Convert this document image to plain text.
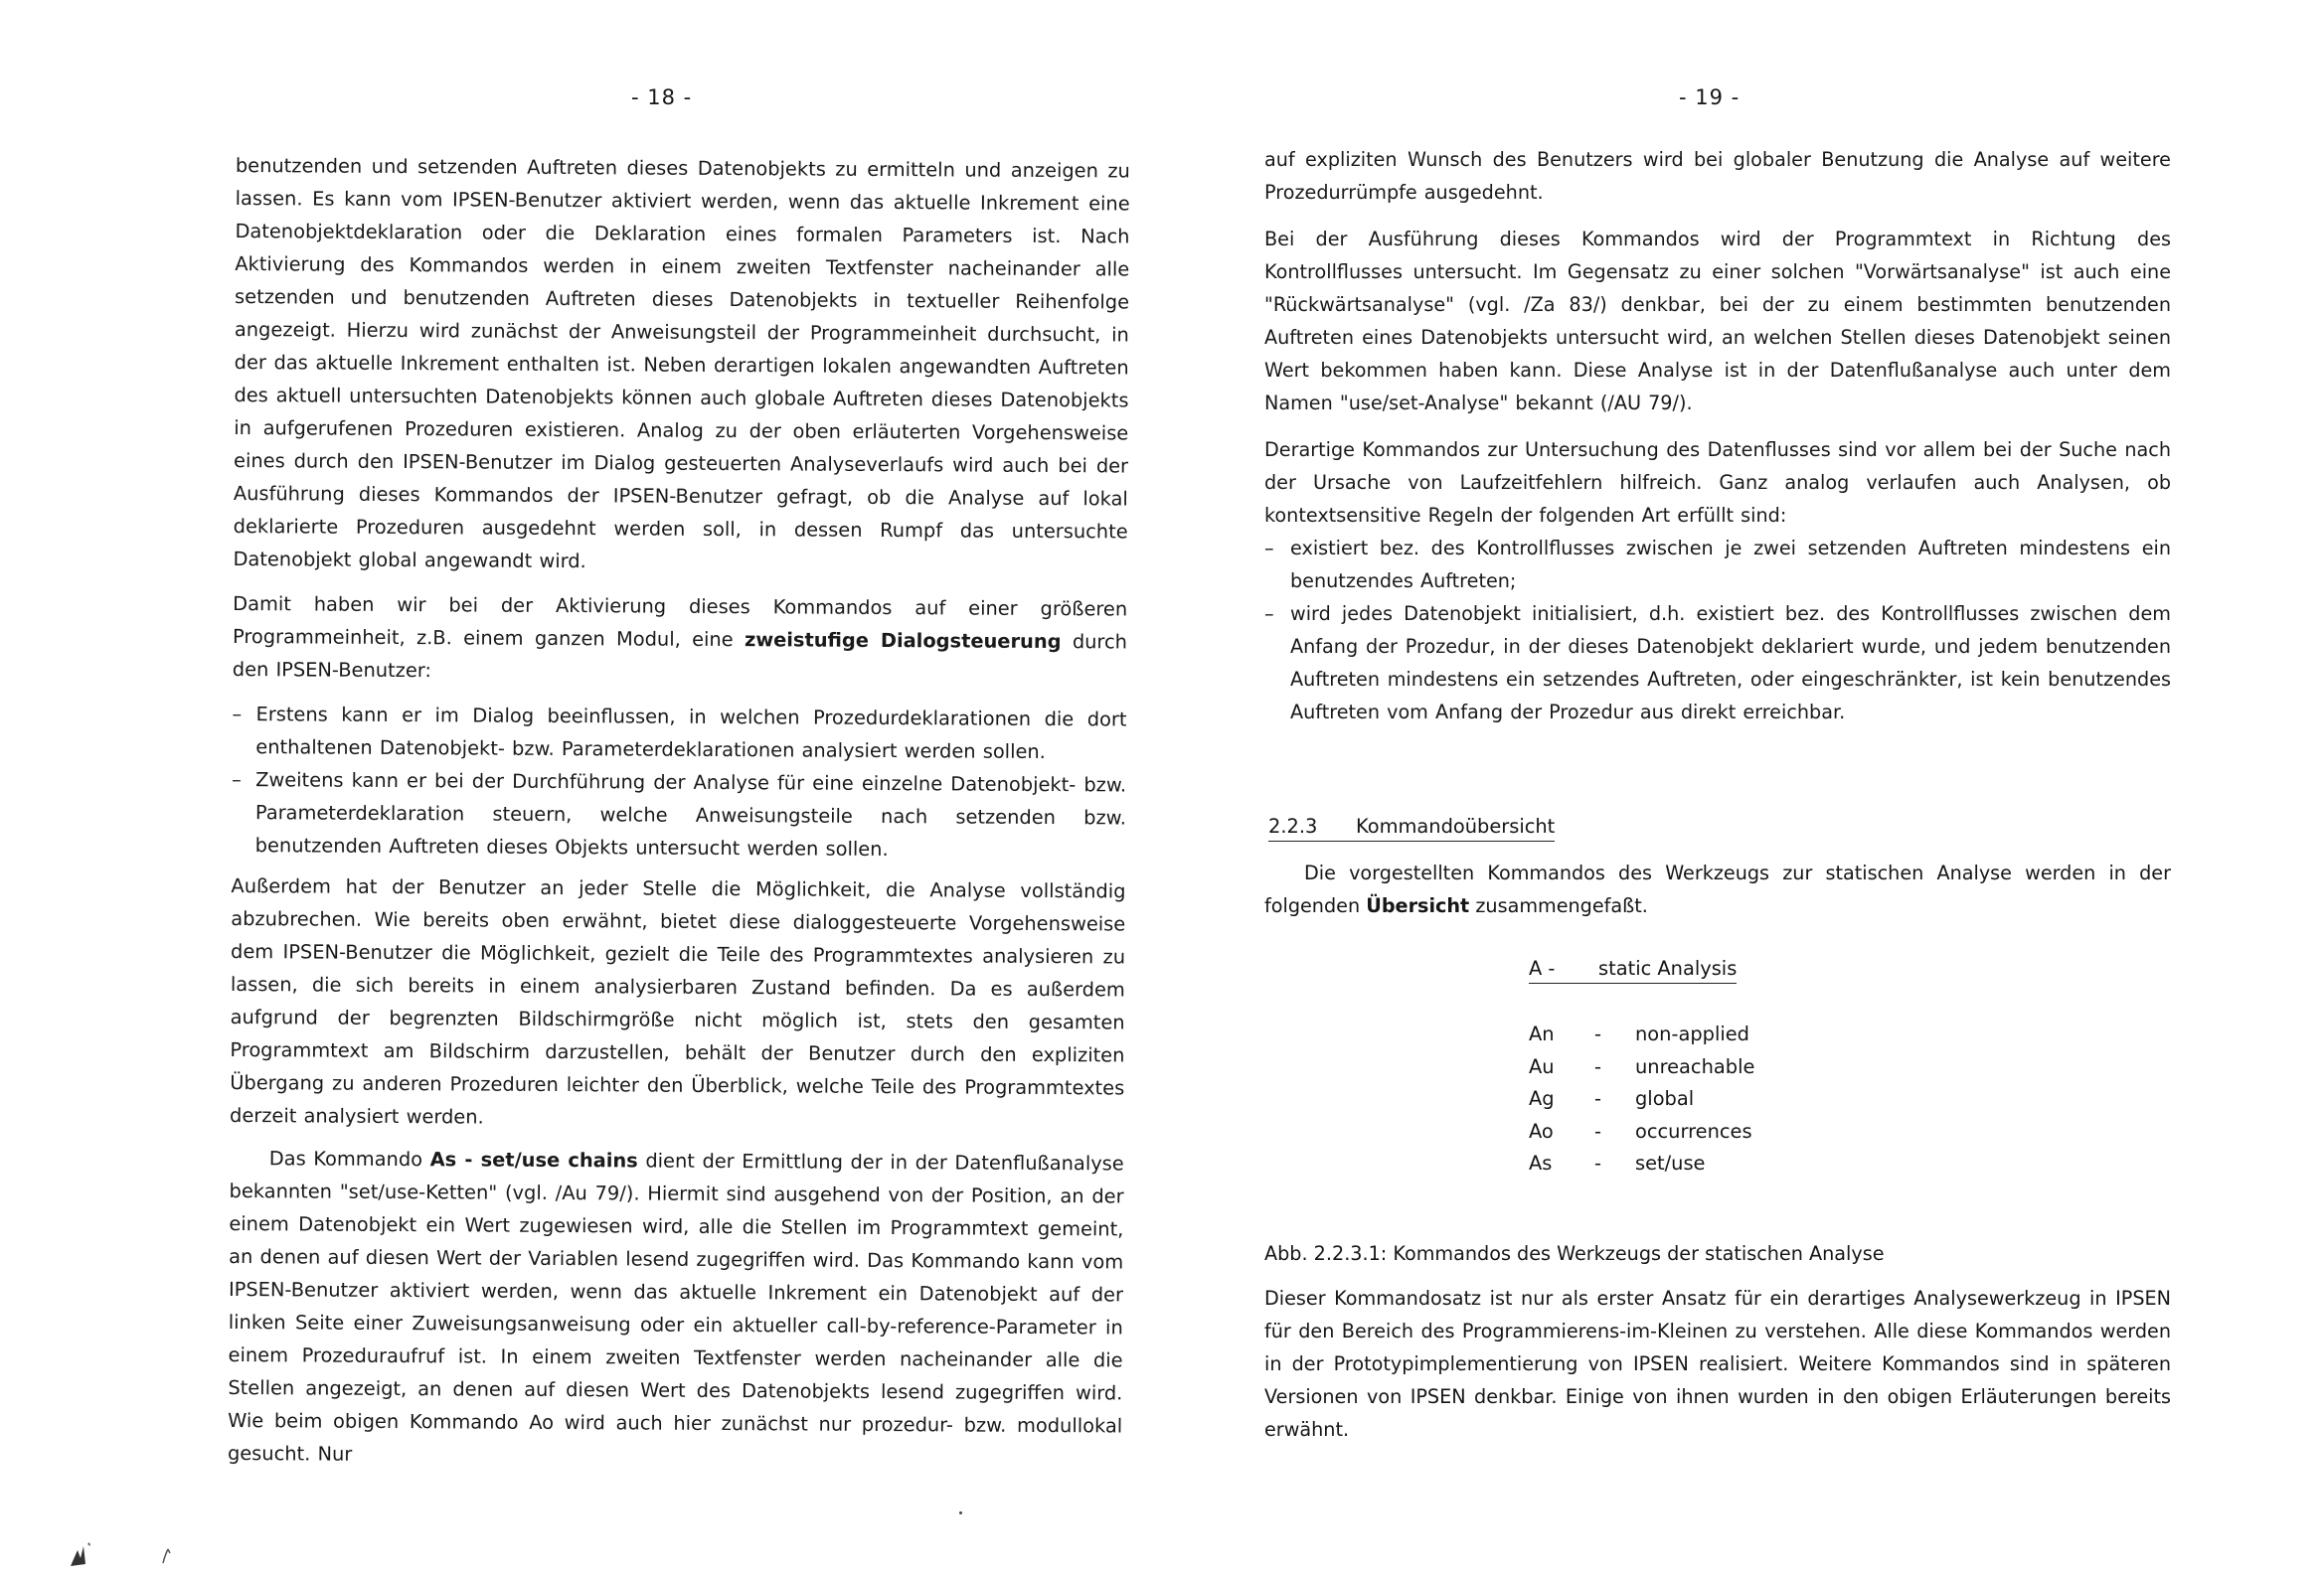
- 18 -

benutzenden und setzenden Auftreten dieses Datenobjekts zu ermitteln und anzeigen zu lassen. Es kann vom IPSEN-Benutzer aktiviert werden, wenn das aktuelle Inkrement eine Datenobjektdeklaration oder die Deklaration eines formalen Parameters ist. Nach Aktivierung des Kommandos werden in einem zweiten Textfenster nacheinander alle setzenden und benutzenden Auftreten dieses Datenobjekts in textueller Reihenfolge angezeigt. Hierzu wird zunächst der Anweisungsteil der Programmeinheit durchsucht, in der das aktuelle Inkrement enthalten ist. Neben derartigen lokalen angewandten Auftreten des aktuell untersuchten Datenobjekts können auch globale Auftreten dieses Datenobjekts in aufgerufenen Prozeduren existieren. Analog zu der oben erläuterten Vorgehensweise eines durch den IPSEN-Benutzer im Dialog gesteuerten Analyseverlaufs wird auch bei der Ausführung dieses Kommandos der IPSEN-Benutzer gefragt, ob die Analyse auf lokal deklarierte Prozeduren ausgedehnt werden soll, in dessen Rumpf das untersuchte Datenobjekt global angewandt wird.

Damit haben wir bei der Aktivierung dieses Kommandos auf einer größeren Programmeinheit, z.B. einem ganzen Modul, eine zweistufige Dialogsteuerung durch den IPSEN-Benutzer:

– Erstens kann er im Dialog beeinflussen, in welchen Prozedurdeklarationen die dort enthaltenen Datenobjekt- bzw. Parameterdeklarationen analysiert werden sollen.
– Zweitens kann er bei der Durchführung der Analyse für eine einzelne Datenobjekt- bzw. Parameterdeklaration steuern, welche Anweisungsteile nach setzenden bzw. benutzenden Auftreten dieses Objekts untersucht werden sollen.

Außerdem hat der Benutzer an jeder Stelle die Möglichkeit, die Analyse vollständig abzubrechen. Wie bereits oben erwähnt, bietet diese dialoggesteuerte Vorgehensweise dem IPSEN-Benutzer die Möglichkeit, gezielt die Teile des Programmtextes analysieren zu lassen, die sich bereits in einem analysierbaren Zustand befinden. Da es außerdem aufgrund der begrenzten Bildschirmgröße nicht möglich ist, stets den gesamten Programmtext am Bildschirm darzustellen, behält der Benutzer durch den expliziten Übergang zu anderen Prozeduren leichter den Überblick, welche Teile des Programmtextes derzeit analysiert werden.

Das Kommando As - set/use chains dient der Ermittlung der in der Datenflußanalyse bekannten "set/use-Ketten" (vgl. /Au 79/). Hiermit sind ausgehend von der Position, an der einem Datenobjekt ein Wert zugewiesen wird, alle die Stellen im Programmtext gemeint, an denen auf diesen Wert der Variablen lesend zugegriffen wird. Das Kommando kann vom IPSEN-Benutzer aktiviert werden, wenn das aktuelle Inkrement ein Datenobjekt auf der linken Seite einer Zuweisungsanweisung oder ein aktueller call-by-reference-Parameter in einem Prozeduraufruf ist. In einem zweiten Textfenster werden nacheinander alle die Stellen angezeigt, an denen auf diesen Wert des Datenobjekts lesend zugegriffen wird. Wie beim obigen Kommando Ao wird auch hier zunächst nur prozedur- bzw. modullokal gesucht. Nur

- 19 -

auf expliziten Wunsch des Benutzers wird bei globaler Benutzung die Analyse auf weitere Prozedurrümpfe ausgedehnt.

Bei der Ausführung dieses Kommandos wird der Programmtext in Richtung des Kontrollflusses untersucht. Im Gegensatz zu einer solchen "Vorwärtsanalyse" ist auch eine "Rückwärtsanalyse" (vgl. /Za 83/) denkbar, bei der zu einem bestimmten benutzenden Auftreten eines Datenobjekts untersucht wird, an welchen Stellen dieses Datenobjekt seinen Wert bekommen haben kann. Diese Analyse ist in der Datenflußanalyse auch unter dem Namen "use/set-Analyse" bekannt (/AU 79/).

Derartige Kommandos zur Untersuchung des Datenflusses sind vor allem bei der Suche nach der Ursache von Laufzeitfehlern hilfreich. Ganz analog verlaufen auch Analysen, ob kontextsensitive Regeln der folgenden Art erfüllt sind:

– existiert bez. des Kontrollflusses zwischen je zwei setzenden Auftreten mindestens ein benutzendes Auftreten;
– wird jedes Datenobjekt initialisiert, d.h. existiert bez. des Kontrollflusses zwischen dem Anfang der Prozedur, in der dieses Datenobjekt deklariert wurde, und jedem benutzenden Auftreten mindestens ein setzendes Auftreten, oder eingeschränkter, ist kein benutzendes Auftreten vom Anfang der Prozedur aus direkt erreichbar.
2.2.3 Kommandoübersicht

Die vorgestellten Kommandos des Werkzeugs zur statischen Analyse werden in der folgenden Übersicht zusammengefaßt.

A - static Analysis
An	-	non-applied
Au	-	unreachable
Ag	-	global
Ao	-	occurrences
As	-	set/use
Abb. 2.2.3.1: Kommandos des Werkzeugs der statischen Analyse

Dieser Kommandosatz ist nur als erster Ansatz für ein derartiges Analysewerkzeug in IPSEN für den Bereich des Programmierens-im-Kleinen zu verstehen. Alle diese Kommandos werden in der Prototypimplementierung von IPSEN realisiert. Weitere Kommandos sind in späteren Versionen von IPSEN denkbar. Einige von ihnen wurden in den obigen Erläuterungen bereits erwähnt.
